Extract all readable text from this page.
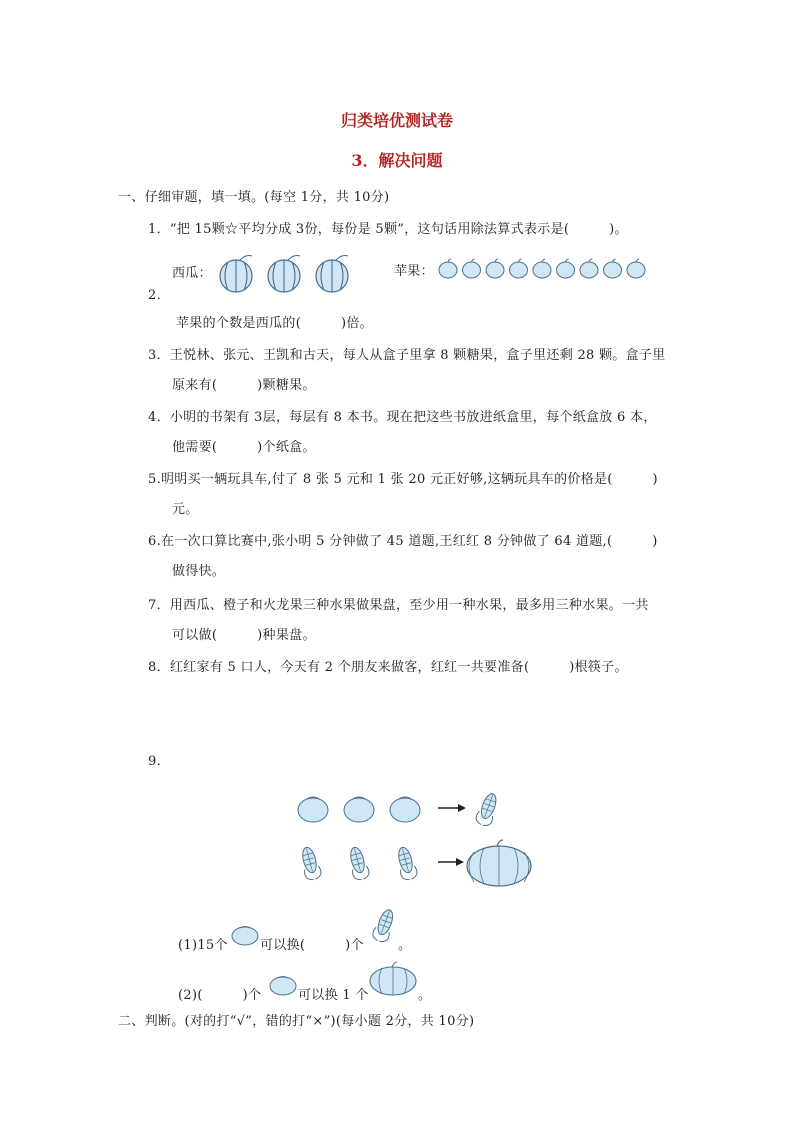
归类培优测试卷
3．解决问题
一、仔细审题，填一填。(每空 1分，共 10分)
1．“把 15颗☆平均分成 3份，每份是 5颗”，这句话用除法算式表示是(　　　)。
西瓜：	苹果：
2．
苹果的个数是西瓜的(　　　)倍。
3．王悦林、张元、王凯和古天，每人从盒子里拿 8 颗糖果，盒子里还剩 28 颗。盒子里
原来有(　　　)颗糖果。
4．小明的书架有 3层，每层有 8 本书。现在把这些书放进纸盒里，每个纸盒放 6 本，
他需要(　　　)个纸盒。
5.明明买一辆玩具车,付了 8 张 5 元和 1 张 20 元正好够,这辆玩具车的价格是(　　　)
元。
6.在一次口算比赛中,张小明 5 分钟做了 45 道题,王红红 8 分钟做了 64 道题,(　　　)
做得快。
7．用西瓜、橙子和火龙果三种水果做果盘，至少用一种水果，最多用三种水果。一共
可以做(　　　)种果盘。
8．红红家有 5 口人，今天有 2 个朋友来做客，红红一共要准备(　　　)根筷子。
9．
(1)15个 可以换(　　　)个	。
(2)(　　　)个	可以换 1 个	。
二、判断。(对的打“√”，错的打“×”)(每小题 2分，共 10分)
